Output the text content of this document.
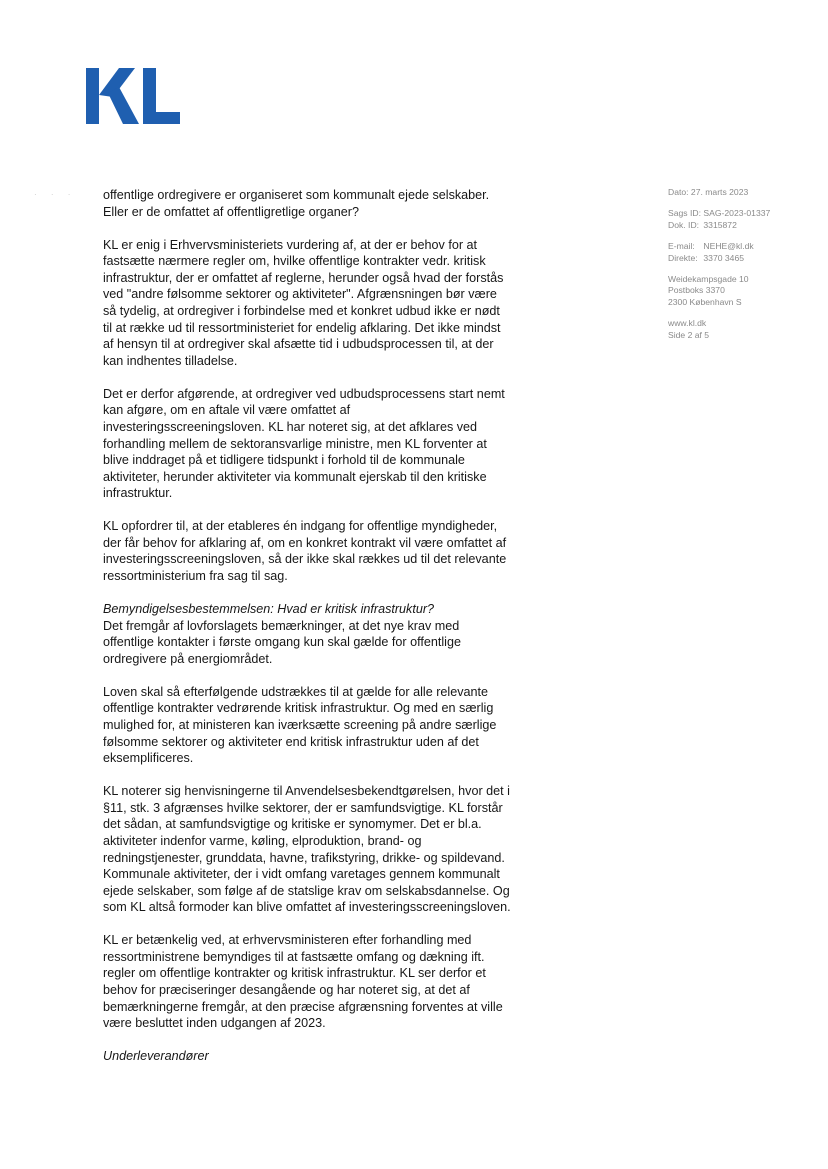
· · ·	Dato: 27. marts 2023
Sags ID: SAG-2023-01337
Dok. ID: 3315872
E-mail: NEHE@kl.dk
Direkte: 3370 3465
Weidekampsgade 10
Postboks 3370
2300 København S
www.kl.dk
Side 2 af 5

offentlige ordregivere er organiseret som kommunalt ejede selskaber.
Eller er de omfattet af offentligretlige organer?

KL er enig i Erhvervsministeriets vurdering af, at der er behov for at
fastsætte nærmere regler om, hvilke offentlige kontrakter vedr. kritisk
infrastruktur, der er omfattet af reglerne, herunder også hvad der forstås
ved "andre følsomme sektorer og aktiviteter". Afgrænsningen bør være
så tydelig, at ordregiver i forbindelse med et konkret udbud ikke er nødt
til at række ud til ressortministeriet for endelig afklaring. Det ikke mindst
af hensyn til at ordregiver skal afsætte tid i udbudsprocessen til, at der
kan indhentes tilladelse.

Det er derfor afgørende, at ordregiver ved udbudsprocessens start nemt
kan afgøre, om en aftale vil være omfattet af
investeringsscreeningsloven. KL har noteret sig, at det afklares ved
forhandling mellem de sektoransvarlige ministre, men KL forventer at
blive inddraget på et tidligere tidspunkt i forhold til de kommunale
aktiviteter, herunder aktiviteter via kommunalt ejerskab til den kritiske
infrastruktur.

KL opfordrer til, at der etableres én indgang for offentlige myndigheder,
der får behov for afklaring af, om en konkret kontrakt vil være omfattet af
investeringsscreeningsloven, så der ikke skal rækkes ud til det relevante
ressortministerium fra sag til sag.

Bemyndigelsesbestemmelsen: Hvad er kritisk infrastruktur?

Det fremgår af lovforslagets bemærkninger, at det nye krav med
offentlige kontakter i første omgang kun skal gælde for offentlige
ordregivere på energiområdet.

Loven skal så efterfølgende udstrækkes til at gælde for alle relevante
offentlige kontrakter vedrørende kritisk infrastruktur. Og med en særlig
mulighed for, at ministeren kan iværksætte screening på andre særlige
følsomme sektorer og aktiviteter end kritisk infrastruktur uden af det
eksemplificeres.

KL noterer sig henvisningerne til Anvendelsesbekendtgørelsen, hvor det i
§11, stk. 3 afgrænses hvilke sektorer, der er samfundsvigtige. KL forstår
det sådan, at samfundsvigtige og kritiske er synomymer. Det er bl.a.
aktiviteter indenfor varme, køling, elproduktion, brand- og
redningstjenester, grunddata, havne, trafikstyring, drikke- og spildevand.
Kommunale aktiviteter, der i vidt omfang varetages gennem kommunalt
ejede selskaber, som følge af de statslige krav om selskabsdannelse. Og
som KL altså formoder kan blive omfattet af investeringsscreeningsloven.

KL er betænkelig ved, at erhvervsministeren efter forhandling med
ressortministrene bemyndiges til at fastsætte omfang og dækning ift.
regler om offentlige kontrakter og kritisk infrastruktur. KL ser derfor et
behov for præciseringer desangående og har noteret sig, at det af
bemærkningerne fremgår, at den præcise afgrænsning forventes at ville
være besluttet inden udgangen af 2023.

Underleverandører
